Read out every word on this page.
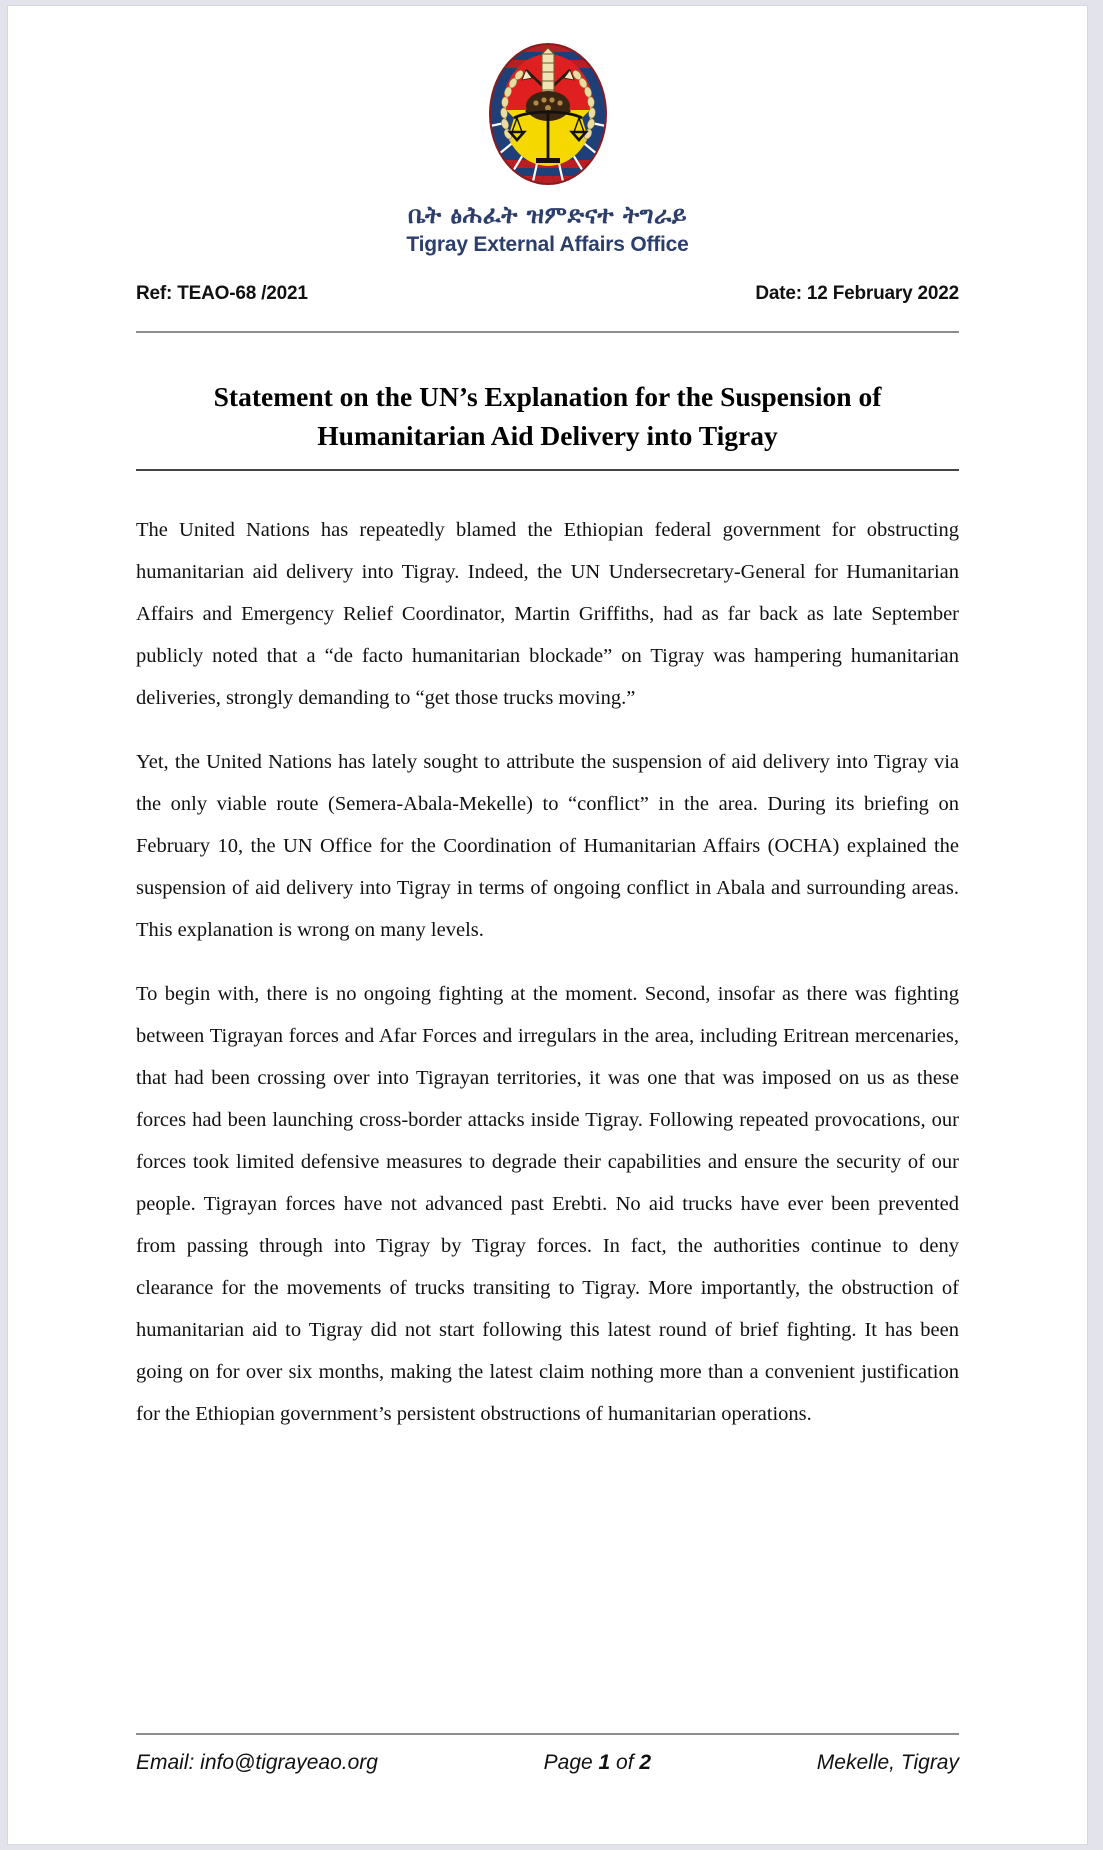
ቤት ፅሕፈት ዝምድናተ ትግራይ
Tigray External Affairs Office
Ref: TEAO-68 /2021	Date: 12 February 2022
Statement on the UN’s Explanation for the Suspension of
Humanitarian Aid Delivery into Tigray

The United Nations has repeatedly blamed the Ethiopian federal government for obstructing humanitarian aid delivery into Tigray. Indeed, the UN Undersecretary-General for Humanitarian Affairs and Emergency Relief Coordinator, Martin Griffiths, had as far back as late September publicly noted that a “de facto humanitarian blockade” on Tigray was hampering humanitarian deliveries, strongly demanding to “get those trucks moving.”

Yet, the United Nations has lately sought to attribute the suspension of aid delivery into Tigray via the only viable route (Semera-Abala-Mekelle) to “conflict” in the area. During its briefing on February 10, the UN Office for the Coordination of Humanitarian Affairs (OCHA) explained the suspension of aid delivery into Tigray in terms of ongoing conflict in Abala and surrounding areas. This explanation is wrong on many levels.

To begin with, there is no ongoing fighting at the moment. Second, insofar as there was fighting between Tigrayan forces and Afar Forces and irregulars in the area, including Eritrean mercenaries, that had been crossing over into Tigrayan territories, it was one that was imposed on us as these forces had been launching cross-border attacks inside Tigray. Following repeated provocations, our forces took limited defensive measures to degrade their capabilities and ensure the security of our people. Tigrayan forces have not advanced past Erebti. No aid trucks have ever been prevented from passing through into Tigray by Tigray forces. In fact, the authorities continue to deny clearance for the movements of trucks transiting to Tigray. More importantly, the obstruction of humanitarian aid to Tigray did not start following this latest round of brief fighting. It has been going on for over six months, making the latest claim nothing more than a convenient justification for the Ethiopian government’s persistent obstructions of humanitarian operations.

Email: info@tigrayeao.org	Page 1 of 2	Mekelle, Tigray
